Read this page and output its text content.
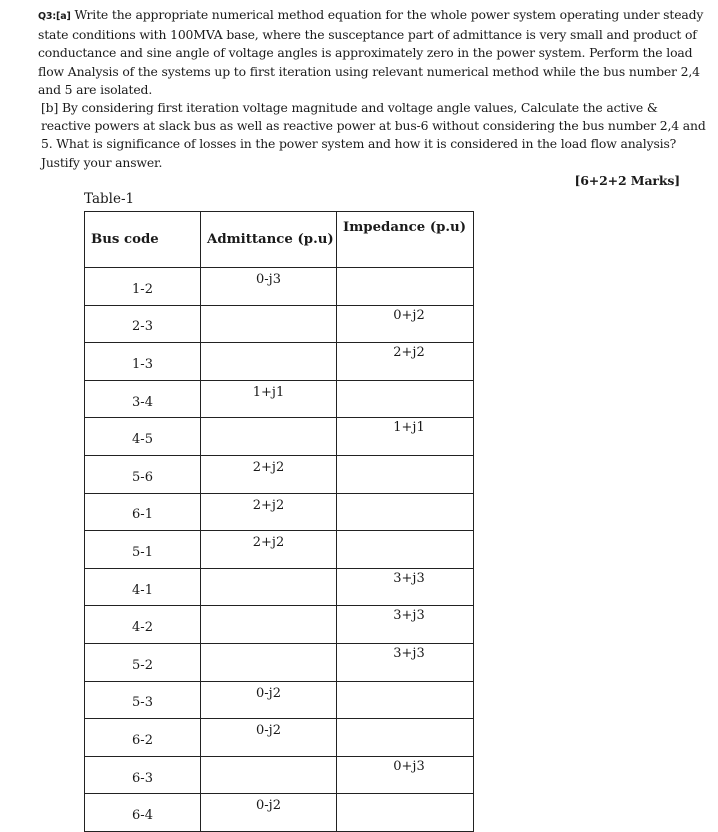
Q3:[a] Write the appropriate numerical method equation for the whole power system operating under steady state conditions with 100MVA base, where the susceptance part of admittance is very small and product of conductance and sine angle of voltage angles is approximately zero in the power system. Perform the load flow Analysis of the systems up to first iteration using relevant numerical method while the bus number 2,4 and 5 are isolated.

[b] By considering first iteration voltage magnitude and voltage angle values, Calculate the active & reactive powers at slack bus as well as reactive power at bus-6 without considering the bus number 2,4 and 5. What is significance of losses in the power system and how it is considered in the load flow analysis? Justify your answer.

[6+2+2 Marks]

Table-1
Bus code	Admittance (p.u)	Impedance (p.u)
1-2	0-j3	
2-3		0+j2
1-3		2+j2
3-4	1+j1	
4-5		1+j1
5-6	2+j2	
6-1	2+j2	
5-1	2+j2	
4-1		3+j3
4-2		3+j3
5-2		3+j3
5-3	0-j2	
6-2	0-j2	
6-3		0+j3
6-4	0-j2	
